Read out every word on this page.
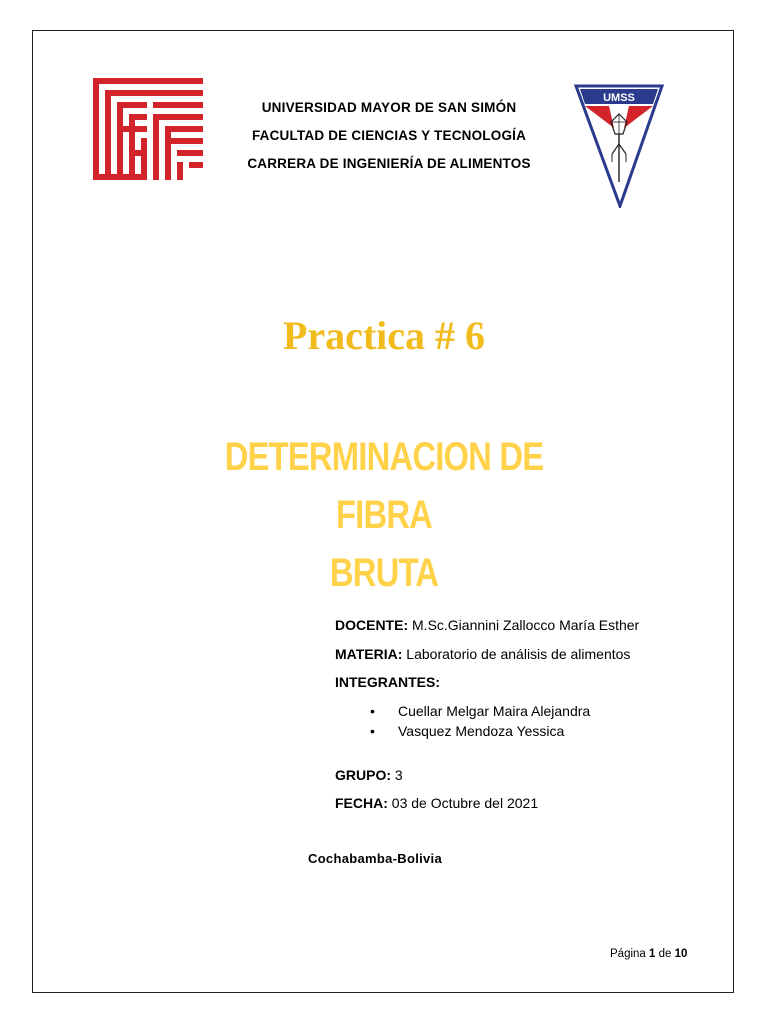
UNIVERSIDAD MAYOR DE SAN SIMÓN
FACULTAD DE CIENCIAS Y TECNOLOGÍA
CARRERA DE INGENIERÍA DE ALIMENTOS
UMSS
Practica # 6
DETERMINACION DE FIBRA
BRUTA
DOCENTE: M.Sc.Giannini Zallocco María Esther
MATERIA: Laboratorio de análisis de alimentos
INTEGRANTES:
• Cuellar Melgar Maira Alejandra
• Vasquez Mendoza Yessica
GRUPO: 3
FECHA: 03 de Octubre del 2021
Cochabamba-Bolivia
Página 1 de 10
